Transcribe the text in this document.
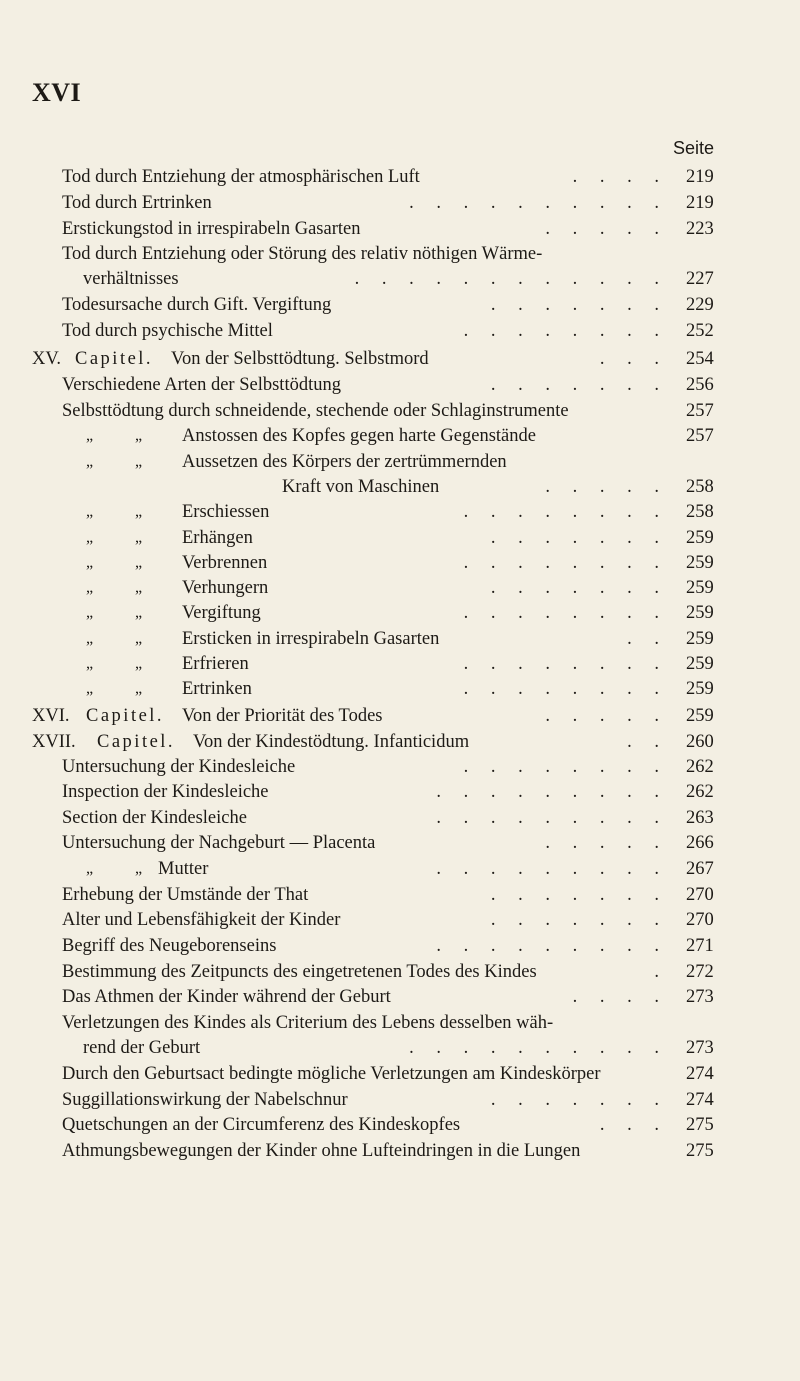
XVI
Seite
Tod durch Entziehung der atmosphärischen Luft	. . . . 219
Tod durch Ertrinken	. . . . . . . . . . 219
Erstickungstod in irrespirabeln Gasarten	. . . . . 223
Tod durch Entziehung oder Störung des relativ nöthigen Wärme-
verhältnisses	. . . . . . . . . . . . 227
Todesursache durch Gift. Vergiftung	. . . . . . . 229
Tod durch psychische Mittel	. . . . . . . . 252
XV. Capitel. Von der Selbsttödtung. Selbstmord	. . . 254
Verschiedene Arten der Selbsttödtung	. . . . . . . 256
Selbsttödtung durch schneidende, stechende oder Schlaginstrumente	257
„	„ Anstossen des Kopfes gegen harte Gegenstände	257
„	„ Aussetzen des Körpers der zertrümmernden
Kraft von Maschinen	. . . . . 258
„	„ Erschiessen	. . . . . . . . 258
„	„ Erhängen	. . . . . . . 259
„	„ Verbrennen	. . . . . . . . 259
„	„ Verhungern	. . . . . . . 259
„	„ Vergiftung	. . . . . . . . 259
„	„ Ersticken in irrespirabeln Gasarten	. . 259
„	„ Erfrieren	. . . . . . . . 259
„	„ Ertrinken	. . . . . . . . 259
XVI. Capitel. Von der Priorität des Todes	. . . . . 259
XVII. Capitel. Von der Kindestödtung. Infanticidum	. . 260
Untersuchung der Kindesleiche	. . . . . . . . 262
Inspection der Kindesleiche	. . . . . . . . . 262
Section der Kindesleiche	. . . . . . . . . 263
Untersuchung der Nachgeburt — Placenta	. . . . . 266
„	„ Mutter	. . . . . . . . . 267
Erhebung der Umstände der That	. . . . . . . 270
Alter und Lebensfähigkeit der Kinder	. . . . . . . 270
Begriff des Neugeborenseins	. . . . . . . . . 271
Bestimmung des Zeitpuncts des eingetretenen Todes des Kindes	. 272
Das Athmen der Kinder während der Geburt	. . . . 273
Verletzungen des Kindes als Criterium des Lebens desselben wäh-
rend der Geburt	. . . . . . . . . . 273
Durch den Geburtsact bedingte mögliche Verletzungen am Kindeskörper	274
Suggillationswirkung der Nabelschnur	. . . . . . . 274
Quetschungen an der Circumferenz des Kindeskopfes	. . . 275
Athmungsbewegungen der Kinder ohne Lufteindringen in die Lungen	275
